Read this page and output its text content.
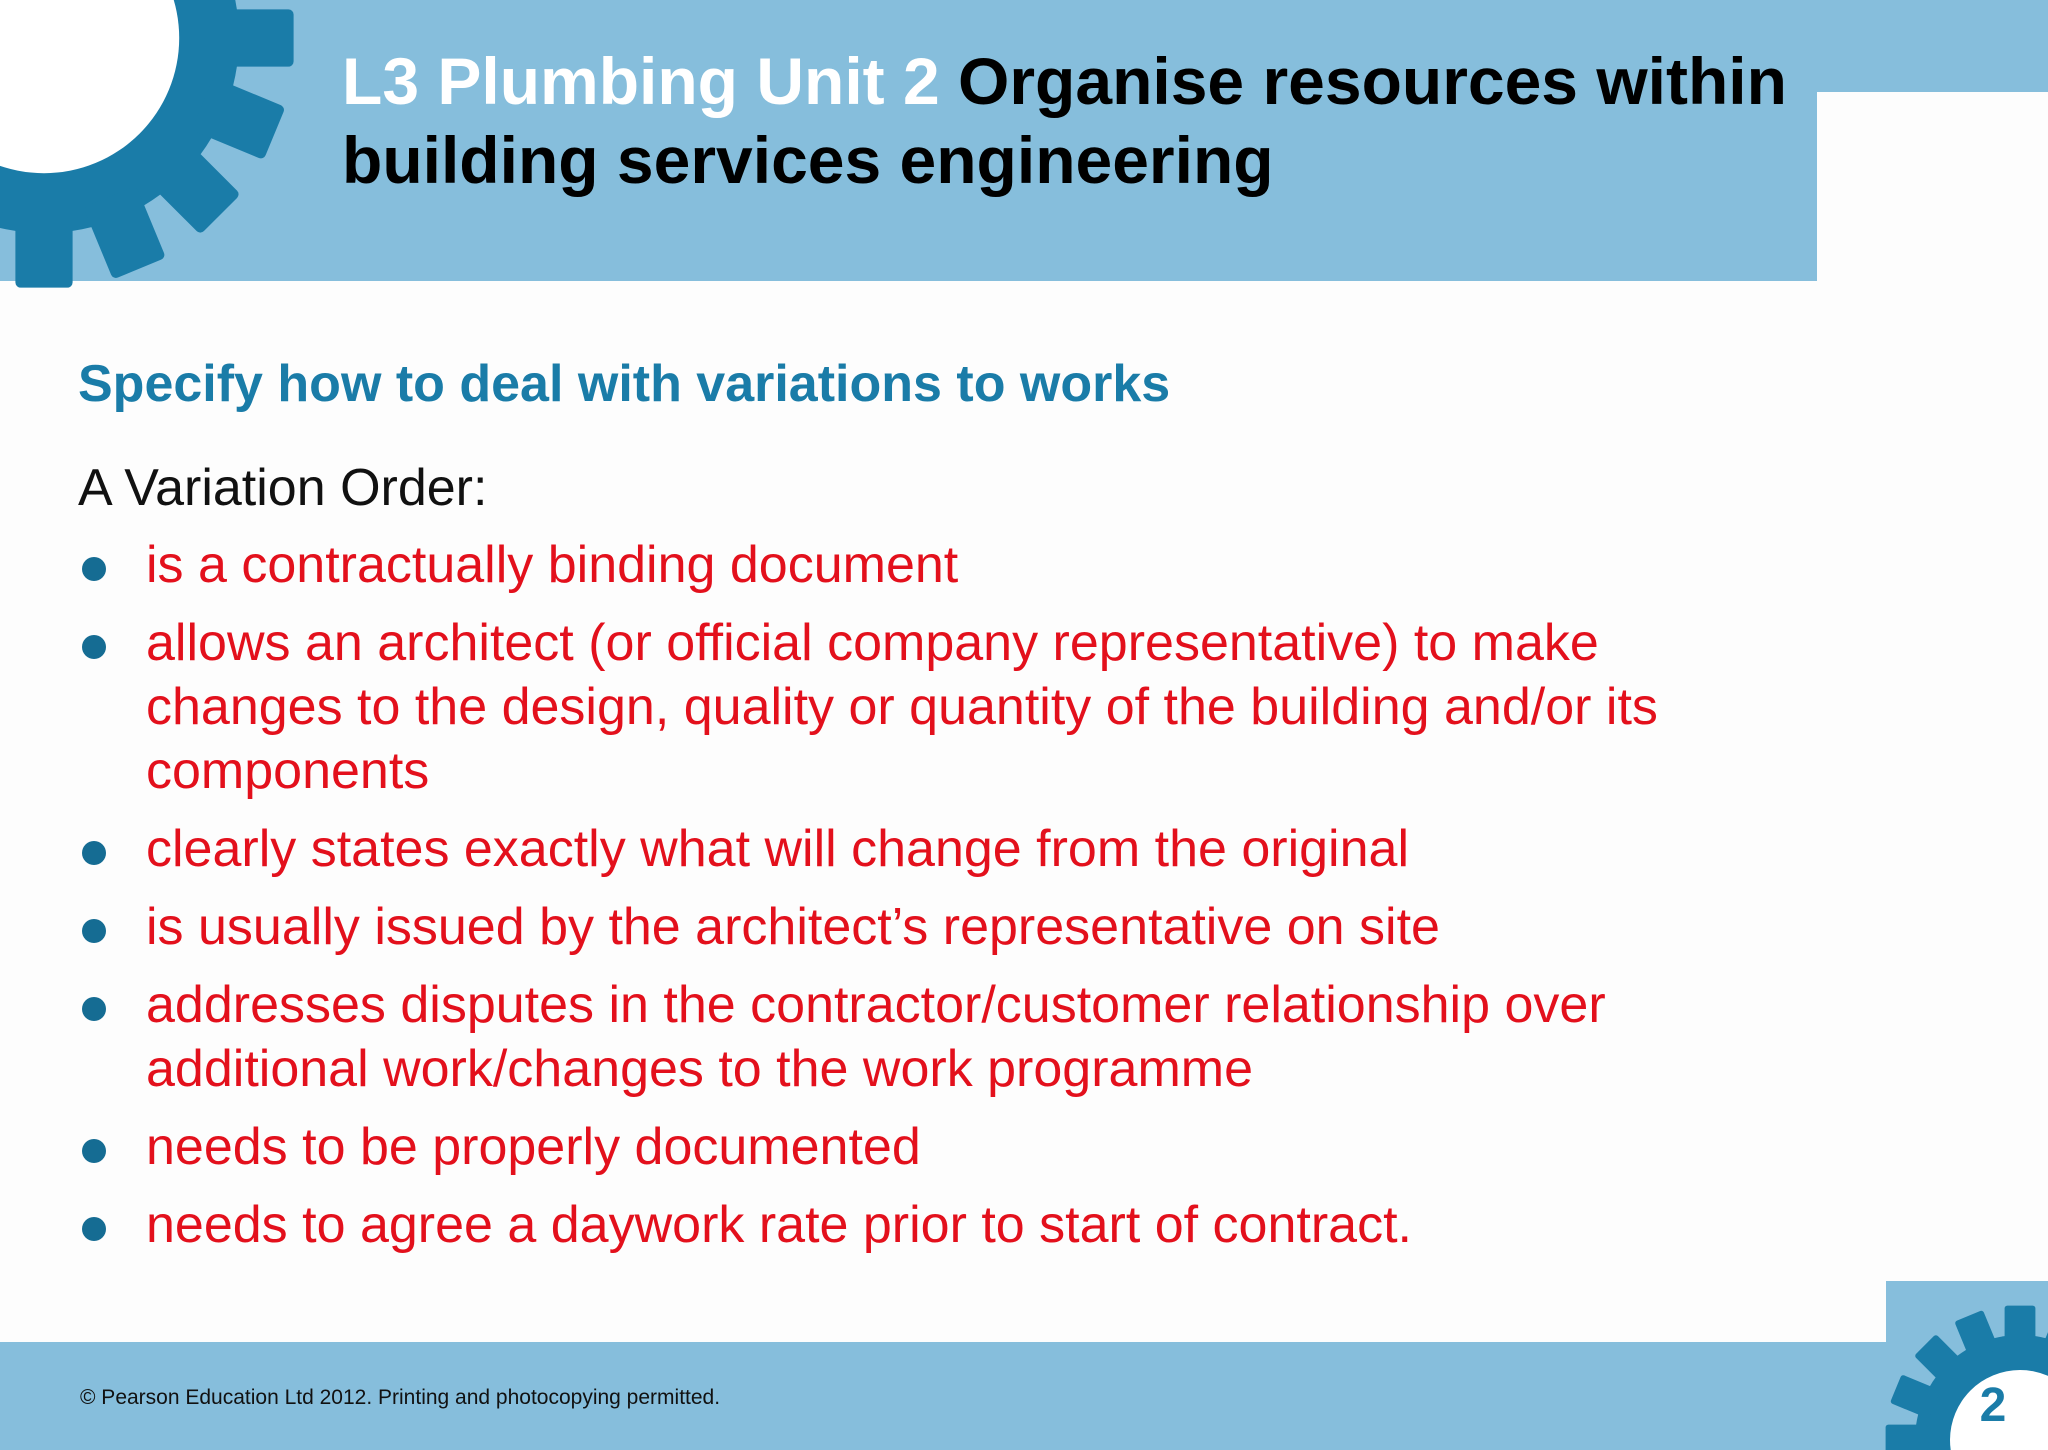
L3 Plumbing Unit 2 Organise resources within building services engineering
Specify how to deal with variations to works

A Variation Order:

is a contractually binding document
allows an architect (or official company representative) to make changes to the design, quality or quantity of the building and/or its components
clearly states exactly what will change from the original
is usually issued by the architect’s representative on site
addresses disputes in the contractor/customer relationship over additional work/changes to the work programme
needs to be properly documented
needs to agree a daywork rate prior to start of contract.

© Pearson Education Ltd 2012. Printing and photocopying permitted.	2
